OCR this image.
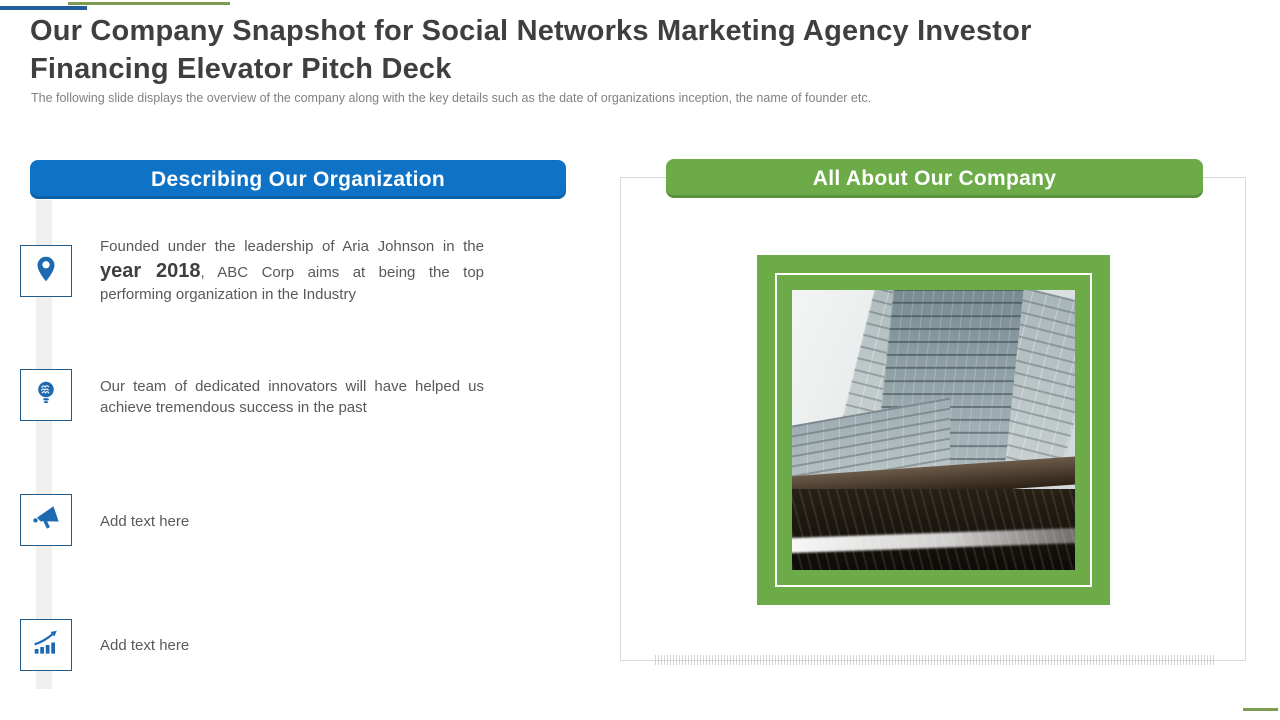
Our Company Snapshot for Social Networks Marketing Agency Investor Financing Elevator Pitch Deck

The following slide displays the overview of the company along with the key details such as the date of organizations inception, the name of founder etc.

Describing Our Organization

Founded under the leadership of Aria Johnson in the year 2018, ABC Corp aims at being the top performing organization in the Industry

Our team of dedicated innovators will have helped us achieve tremendous success in the past

Add text here

Add text here

All About Our Company
